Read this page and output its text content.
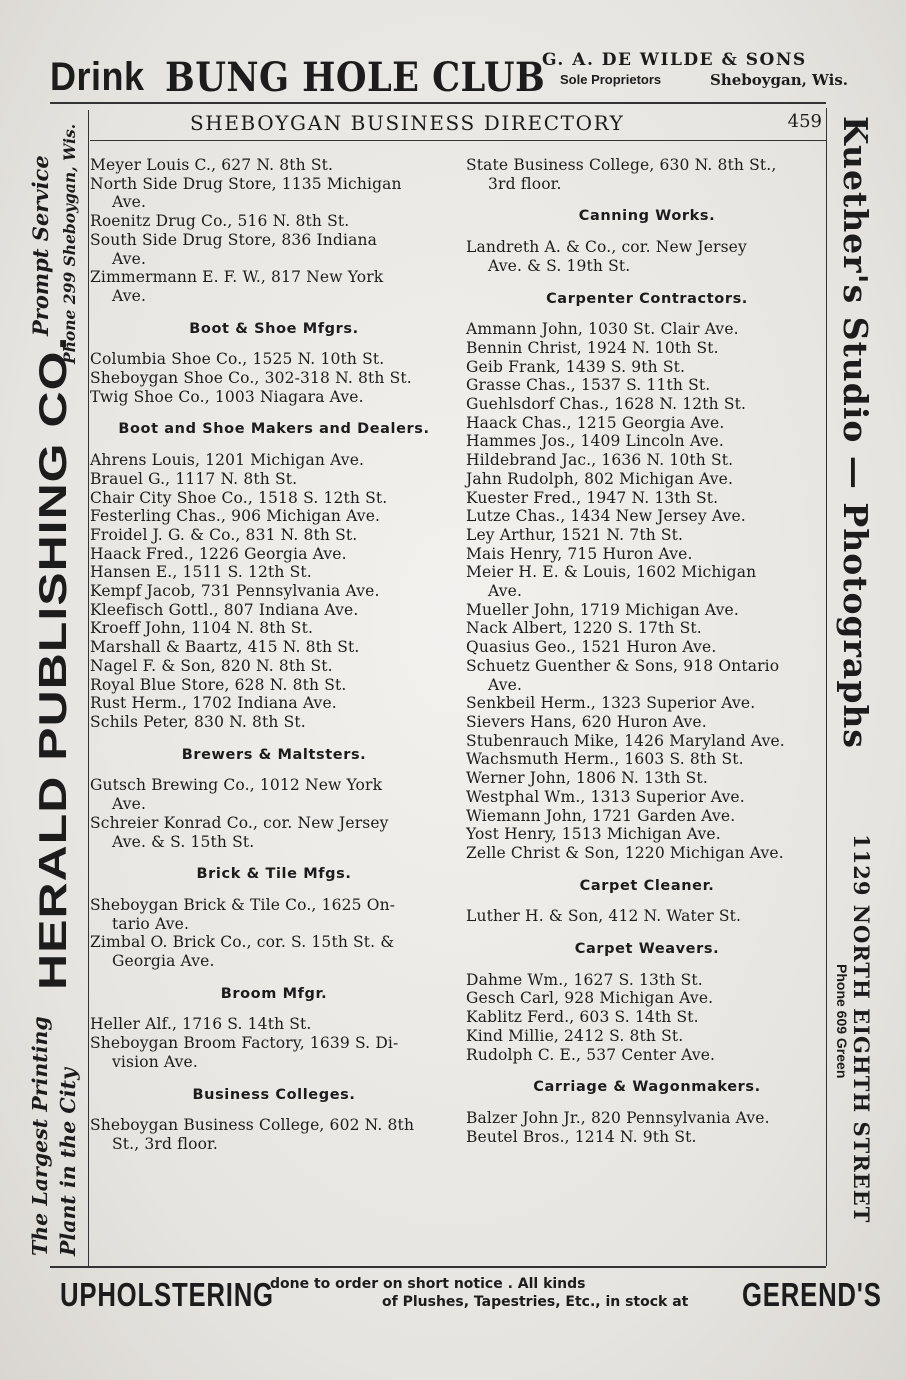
Drink BUNG HOLE CLUB
G. A. DE WILDE & SONS
Sole Proprietors	Sheboygan, Wis.
SHEBOYGAN BUSINESS DIRECTORY	459
Meyer Louis C., 627 N. 8th St.
North Side Drug Store, 1135 Michigan
Ave.
Roenitz Drug Co., 516 N. 8th St.
South Side Drug Store, 836 Indiana
Ave.
Zimmermann E. F. W., 817 New York
Ave.
Boot & Shoe Mfgrs.
Columbia Shoe Co., 1525 N. 10th St.
Sheboygan Shoe Co., 302-318 N. 8th St.
Twig Shoe Co., 1003 Niagara Ave.
Boot and Shoe Makers and Dealers.
Ahrens Louis, 1201 Michigan Ave.
Brauel G., 1117 N. 8th St.
Chair City Shoe Co., 1518 S. 12th St.
Festerling Chas., 906 Michigan Ave.
Froidel J. G. & Co., 831 N. 8th St.
Haack Fred., 1226 Georgia Ave.
Hansen E., 1511 S. 12th St.
Kempf Jacob, 731 Pennsylvania Ave.
Kleefisch Gottl., 807 Indiana Ave.
Kroeff John, 1104 N. 8th St.
Marshall & Baartz, 415 N. 8th St.
Nagel F. & Son, 820 N. 8th St.
Royal Blue Store, 628 N. 8th St.
Rust Herm., 1702 Indiana Ave.
Schils Peter, 830 N. 8th St.
Brewers & Maltsters.
Gutsch Brewing Co., 1012 New York
Ave.
Schreier Konrad Co., cor. New Jersey
Ave. & S. 15th St.
Brick & Tile Mfgs.
Sheboygan Brick & Tile Co., 1625 On-
tario Ave.
Zimbal O. Brick Co., cor. S. 15th St. &
Georgia Ave.
Broom Mfgr.
Heller Alf., 1716 S. 14th St.
Sheboygan Broom Factory, 1639 S. Di-
vision Ave.
Business Colleges.
Sheboygan Business College, 602 N. 8th
St., 3rd floor.
State Business College, 630 N. 8th St.,
3rd floor.
Canning Works.
Landreth A. & Co., cor. New Jersey
Ave. & S. 19th St.
Carpenter Contractors.
Ammann John, 1030 St. Clair Ave.
Bennin Christ, 1924 N. 10th St.
Geib Frank, 1439 S. 9th St.
Grasse Chas., 1537 S. 11th St.
Guehlsdorf Chas., 1628 N. 12th St.
Haack Chas., 1215 Georgia Ave.
Hammes Jos., 1409 Lincoln Ave.
Hildebrand Jac., 1636 N. 10th St.
Jahn Rudolph, 802 Michigan Ave.
Kuester Fred., 1947 N. 13th St.
Lutze Chas., 1434 New Jersey Ave.
Ley Arthur, 1521 N. 7th St.
Mais Henry, 715 Huron Ave.
Meier H. E. & Louis, 1602 Michigan
Ave.
Mueller John, 1719 Michigan Ave.
Nack Albert, 1220 S. 17th St.
Quasius Geo., 1521 Huron Ave.
Schuetz Guenther & Sons, 918 Ontario
Ave.
Senkbeil Herm., 1323 Superior Ave.
Sievers Hans, 620 Huron Ave.
Stubenrauch Mike, 1426 Maryland Ave.
Wachsmuth Herm., 1603 S. 8th St.
Werner John, 1806 N. 13th St.
Westphal Wm., 1313 Superior Ave.
Wiemann John, 1721 Garden Ave.
Yost Henry, 1513 Michigan Ave.
Zelle Christ & Son, 1220 Michigan Ave.
Carpet Cleaner.
Luther H. & Son, 412 N. Water St.
Carpet Weavers.
Dahme Wm., 1627 S. 13th St.
Gesch Carl, 928 Michigan Ave.
Kablitz Ferd., 603 S. 14th St.
Kind Millie, 2412 S. 8th St.
Rudolph C. E., 537 Center Ave.
Carriage & Wagonmakers.
Balzer John Jr., 820 Pennsylvania Ave.
Beutel Bros., 1214 N. 9th St.
Prompt Service Phone 299 Sheboygan, Wis.
HERALD PUBLISHING CO.
The Largest Printing Plant in the City
Kuether's Studio — Photographs
1129 NORTH EIGHTH STREET
Phone 609 Green
UPHOLSTERING
done to order on short notice . All kinds
of Plushes, Tapestries, Etc., in stock at GEREND'S
